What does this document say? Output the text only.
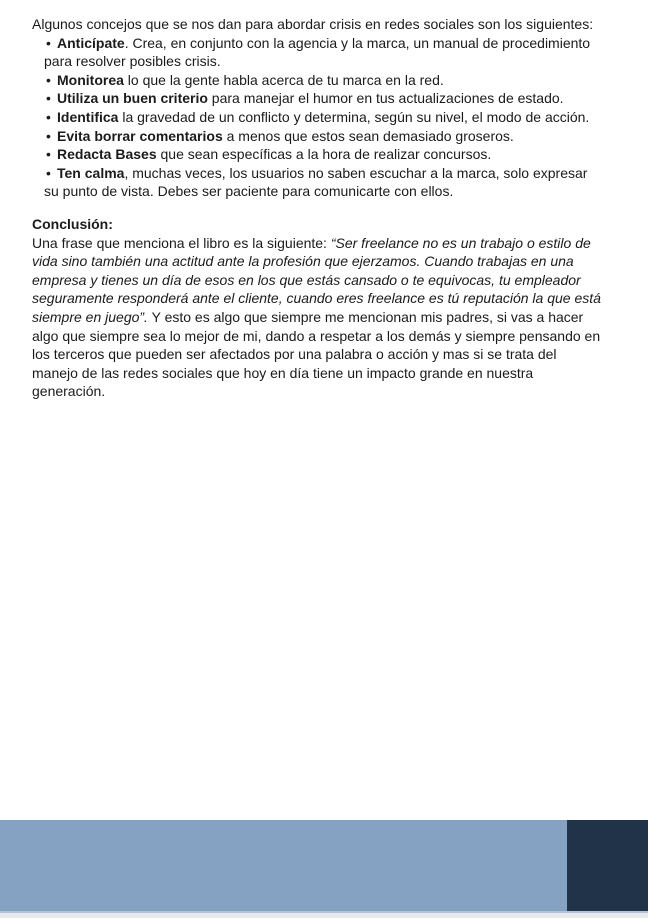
Algunos concejos que se nos dan para abordar crisis en redes sociales son los siguientes:
• Anticípate. Crea, en conjunto con la agencia y la marca, un manual de procedimiento
para resolver posibles crisis.
• Monitorea lo que la gente habla acerca de tu marca en la red.
• Utiliza un buen criterio para manejar el humor en tus actualizaciones de estado.
• Identifica la gravedad de un conflicto y determina, según su nivel, el modo de acción.
• Evita borrar comentarios a menos que estos sean demasiado groseros.
• Redacta Bases que sean específicas a la hora de realizar concursos.
• Ten calma, muchas veces, los usuarios no saben escuchar a la marca, solo expresar
su punto de vista. Debes ser paciente para comunicarte con ellos.
Conclusión:
Una frase que menciona el libro es la siguiente: “Ser freelance no es un trabajo o estilo de
vida sino también una actitud ante la profesión que ejerzamos. Cuando trabajas en una
empresa y tienes un día de esos en los que estás cansado o te equivocas, tu empleador
seguramente responderá ante el cliente, cuando eres freelance es tú reputación la que está
siempre en juego”. Y esto es algo que siempre me mencionan mis padres, si vas a hacer
algo que siempre sea lo mejor de mi, dando a respetar a los demás y siempre pensando en
los terceros que pueden ser afectados por una palabra o acción y mas si se trata del
manejo de las redes sociales que hoy en día tiene un impacto grande en nuestra
generación.
